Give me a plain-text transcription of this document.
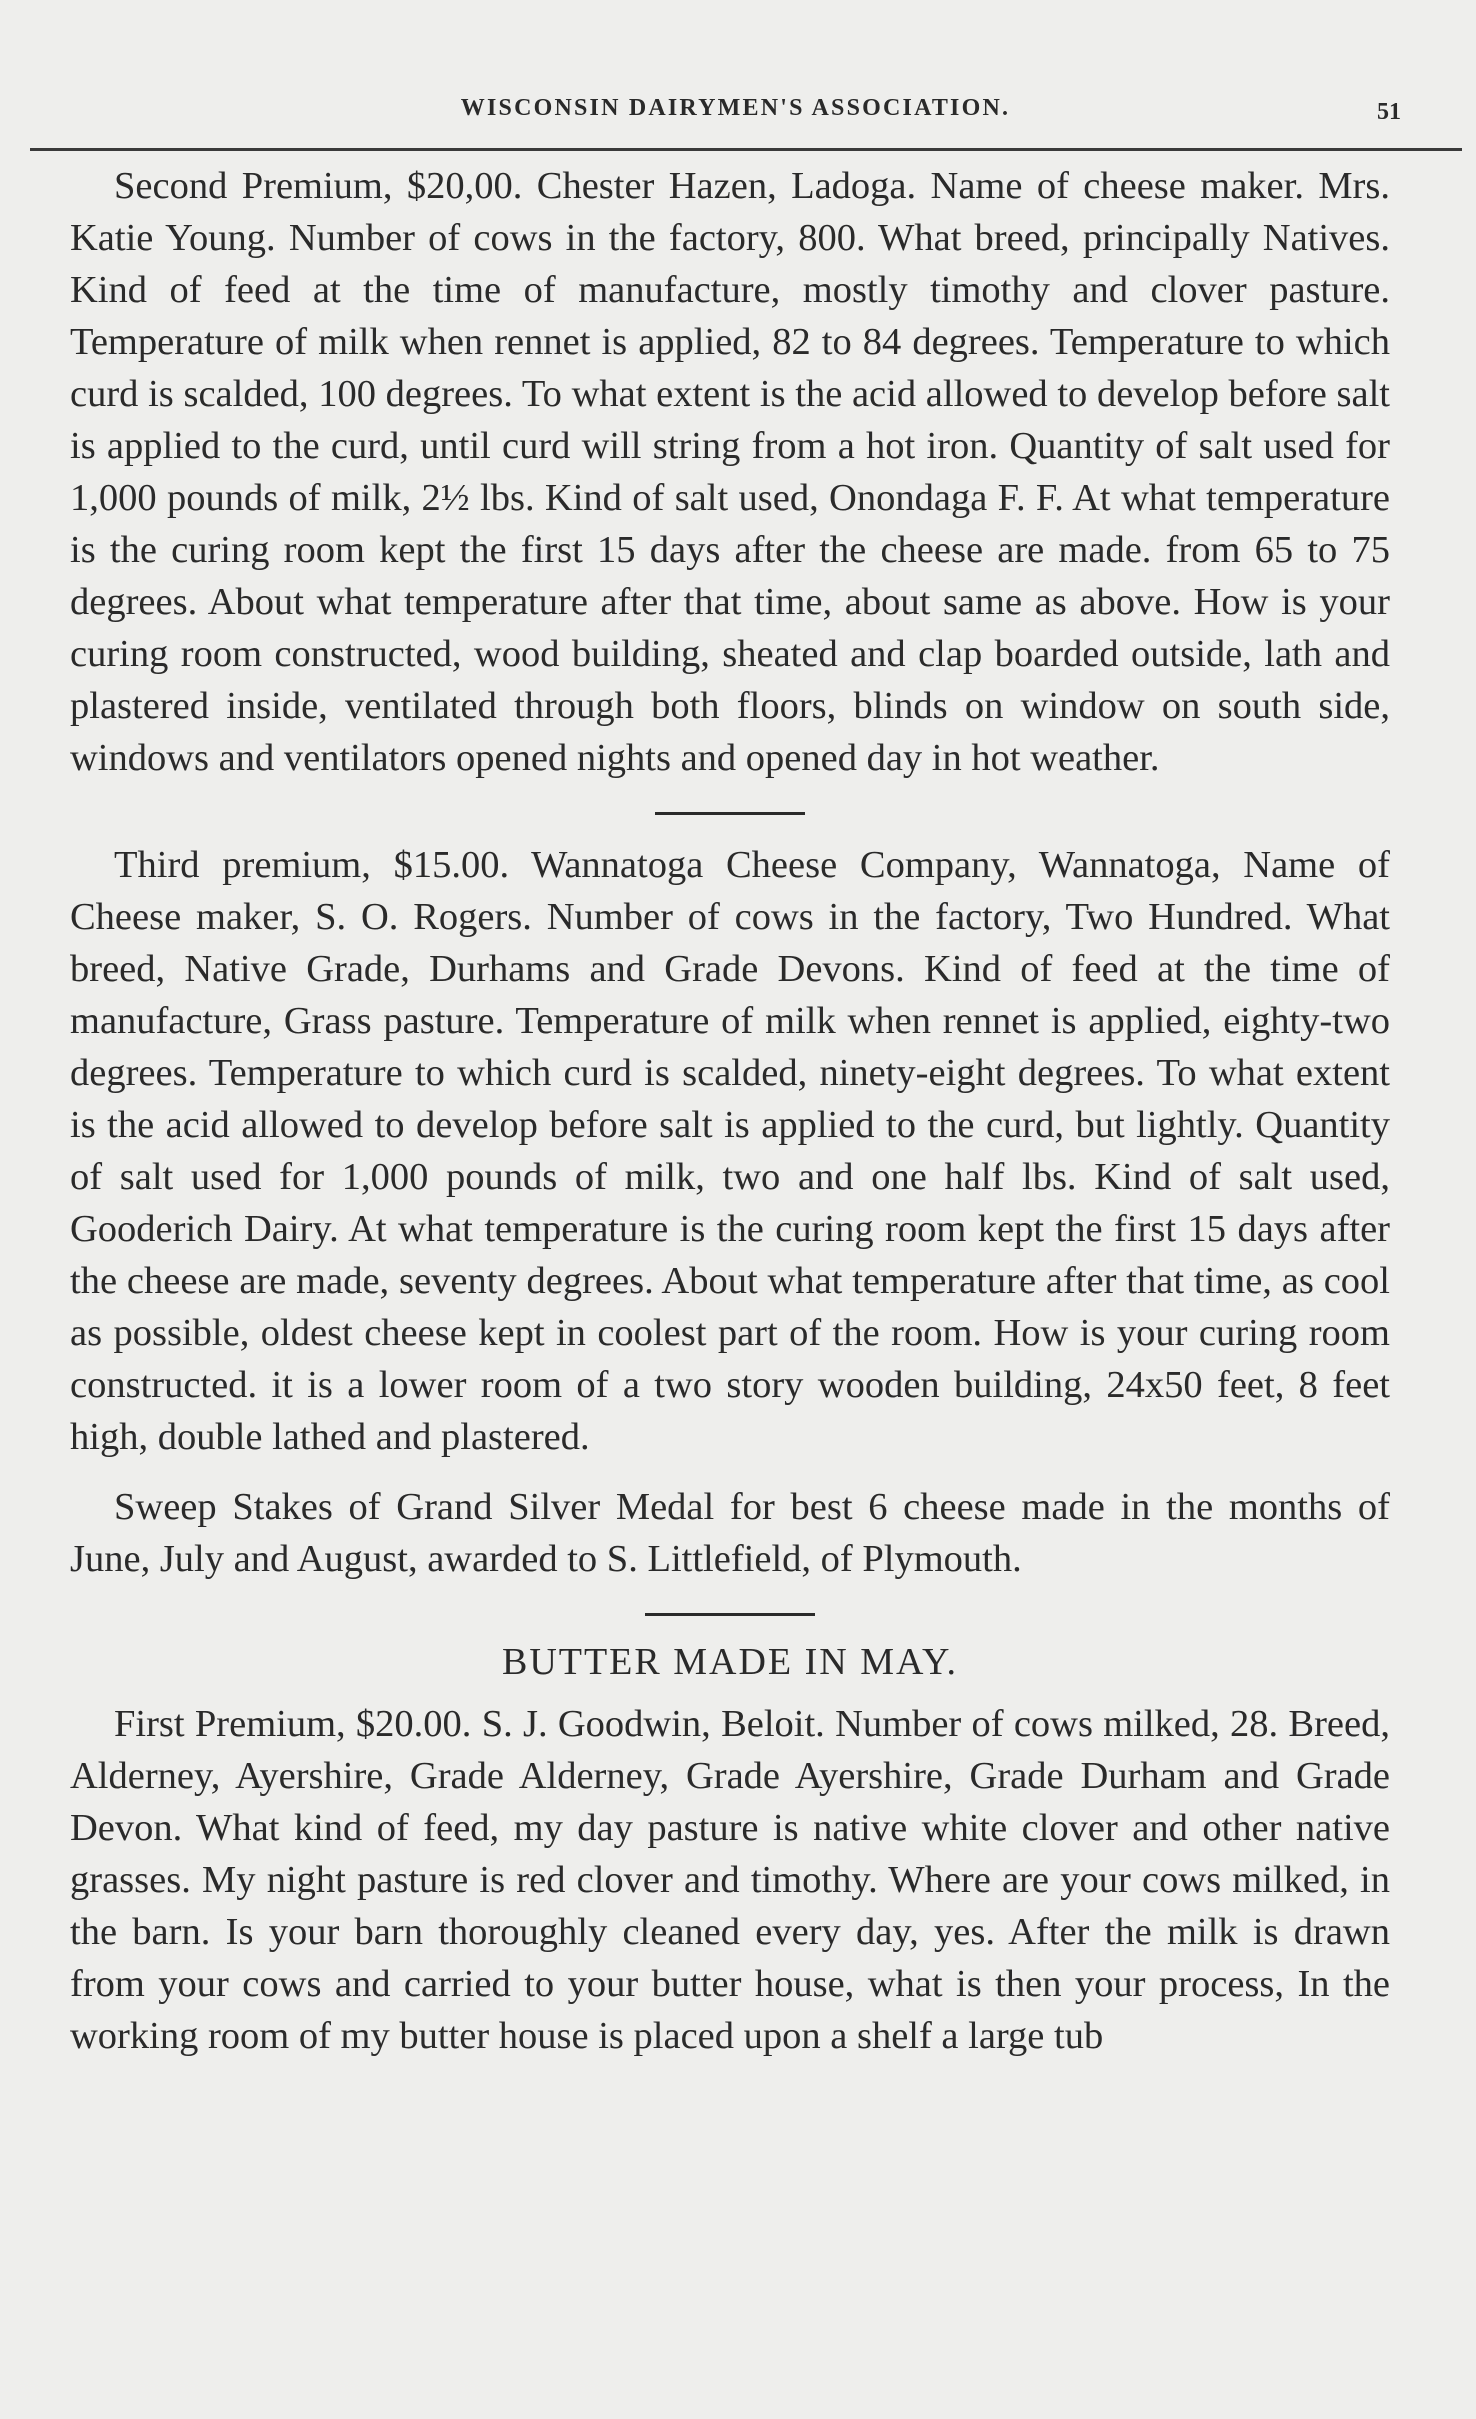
WISCONSIN DAIRYMEN'S ASSOCIATION.	51

Second Premium, $20,00. Chester Hazen, Ladoga. Name of cheese maker. Mrs. Katie Young. Number of cows in the factory, 800. What breed, principally Natives. Kind of feed at the time of manufacture, mostly timothy and clover pasture. Temperature of milk when rennet is applied, 82 to 84 degrees. Temperature to which curd is scalded, 100 degrees. To what extent is the acid allowed to develop before salt is applied to the curd, until curd will string from a hot iron. Quantity of salt used for 1,000 pounds of milk, 2½ lbs. Kind of salt used, Onondaga F. F. At what temperature is the curing room kept the first 15 days after the cheese are made. from 65 to 75 degrees. About what temperature after that time, about same as above. How is your curing room constructed, wood building, sheated and clap boarded outside, lath and plastered inside, ventilated through both floors, blinds on window on south side, windows and ventilators opened nights and opened day in hot weather.

Third premium, $15.00. Wannatoga Cheese Company, Wannatoga, Name of Cheese maker, S. O. Rogers. Number of cows in the factory, Two Hundred. What breed, Native Grade, Durhams and Grade Devons. Kind of feed at the time of manufacture, Grass pasture. Temperature of milk when rennet is applied, eighty-two degrees. Temperature to which curd is scalded, ninety-eight degrees. To what extent is the acid allowed to develop before salt is applied to the curd, but lightly. Quantity of salt used for 1,000 pounds of milk, two and one half lbs. Kind of salt used, Gooderich Dairy. At what temperature is the curing room kept the first 15 days after the cheese are made, seventy degrees. About what temperature after that time, as cool as possible, oldest cheese kept in coolest part of the room. How is your curing room constructed. it is a lower room of a two story wooden building, 24x50 feet, 8 feet high, double lathed and plastered.

Sweep Stakes of Grand Silver Medal for best 6 cheese made in the months of June, July and August, awarded to S. Littlefield, of Plymouth.

BUTTER MADE IN MAY.

First Premium, $20.00. S. J. Goodwin, Beloit. Number of cows milked, 28. Breed, Alderney, Ayershire, Grade Alderney, Grade Ayershire, Grade Durham and Grade Devon. What kind of feed, my day pasture is native white clover and other native grasses. My night pasture is red clover and timothy. Where are your cows milked, in the barn. Is your barn thoroughly cleaned every day, yes. After the milk is drawn from your cows and carried to your butter house, what is then your process, In the working room of my butter house is placed upon a shelf a large tub
